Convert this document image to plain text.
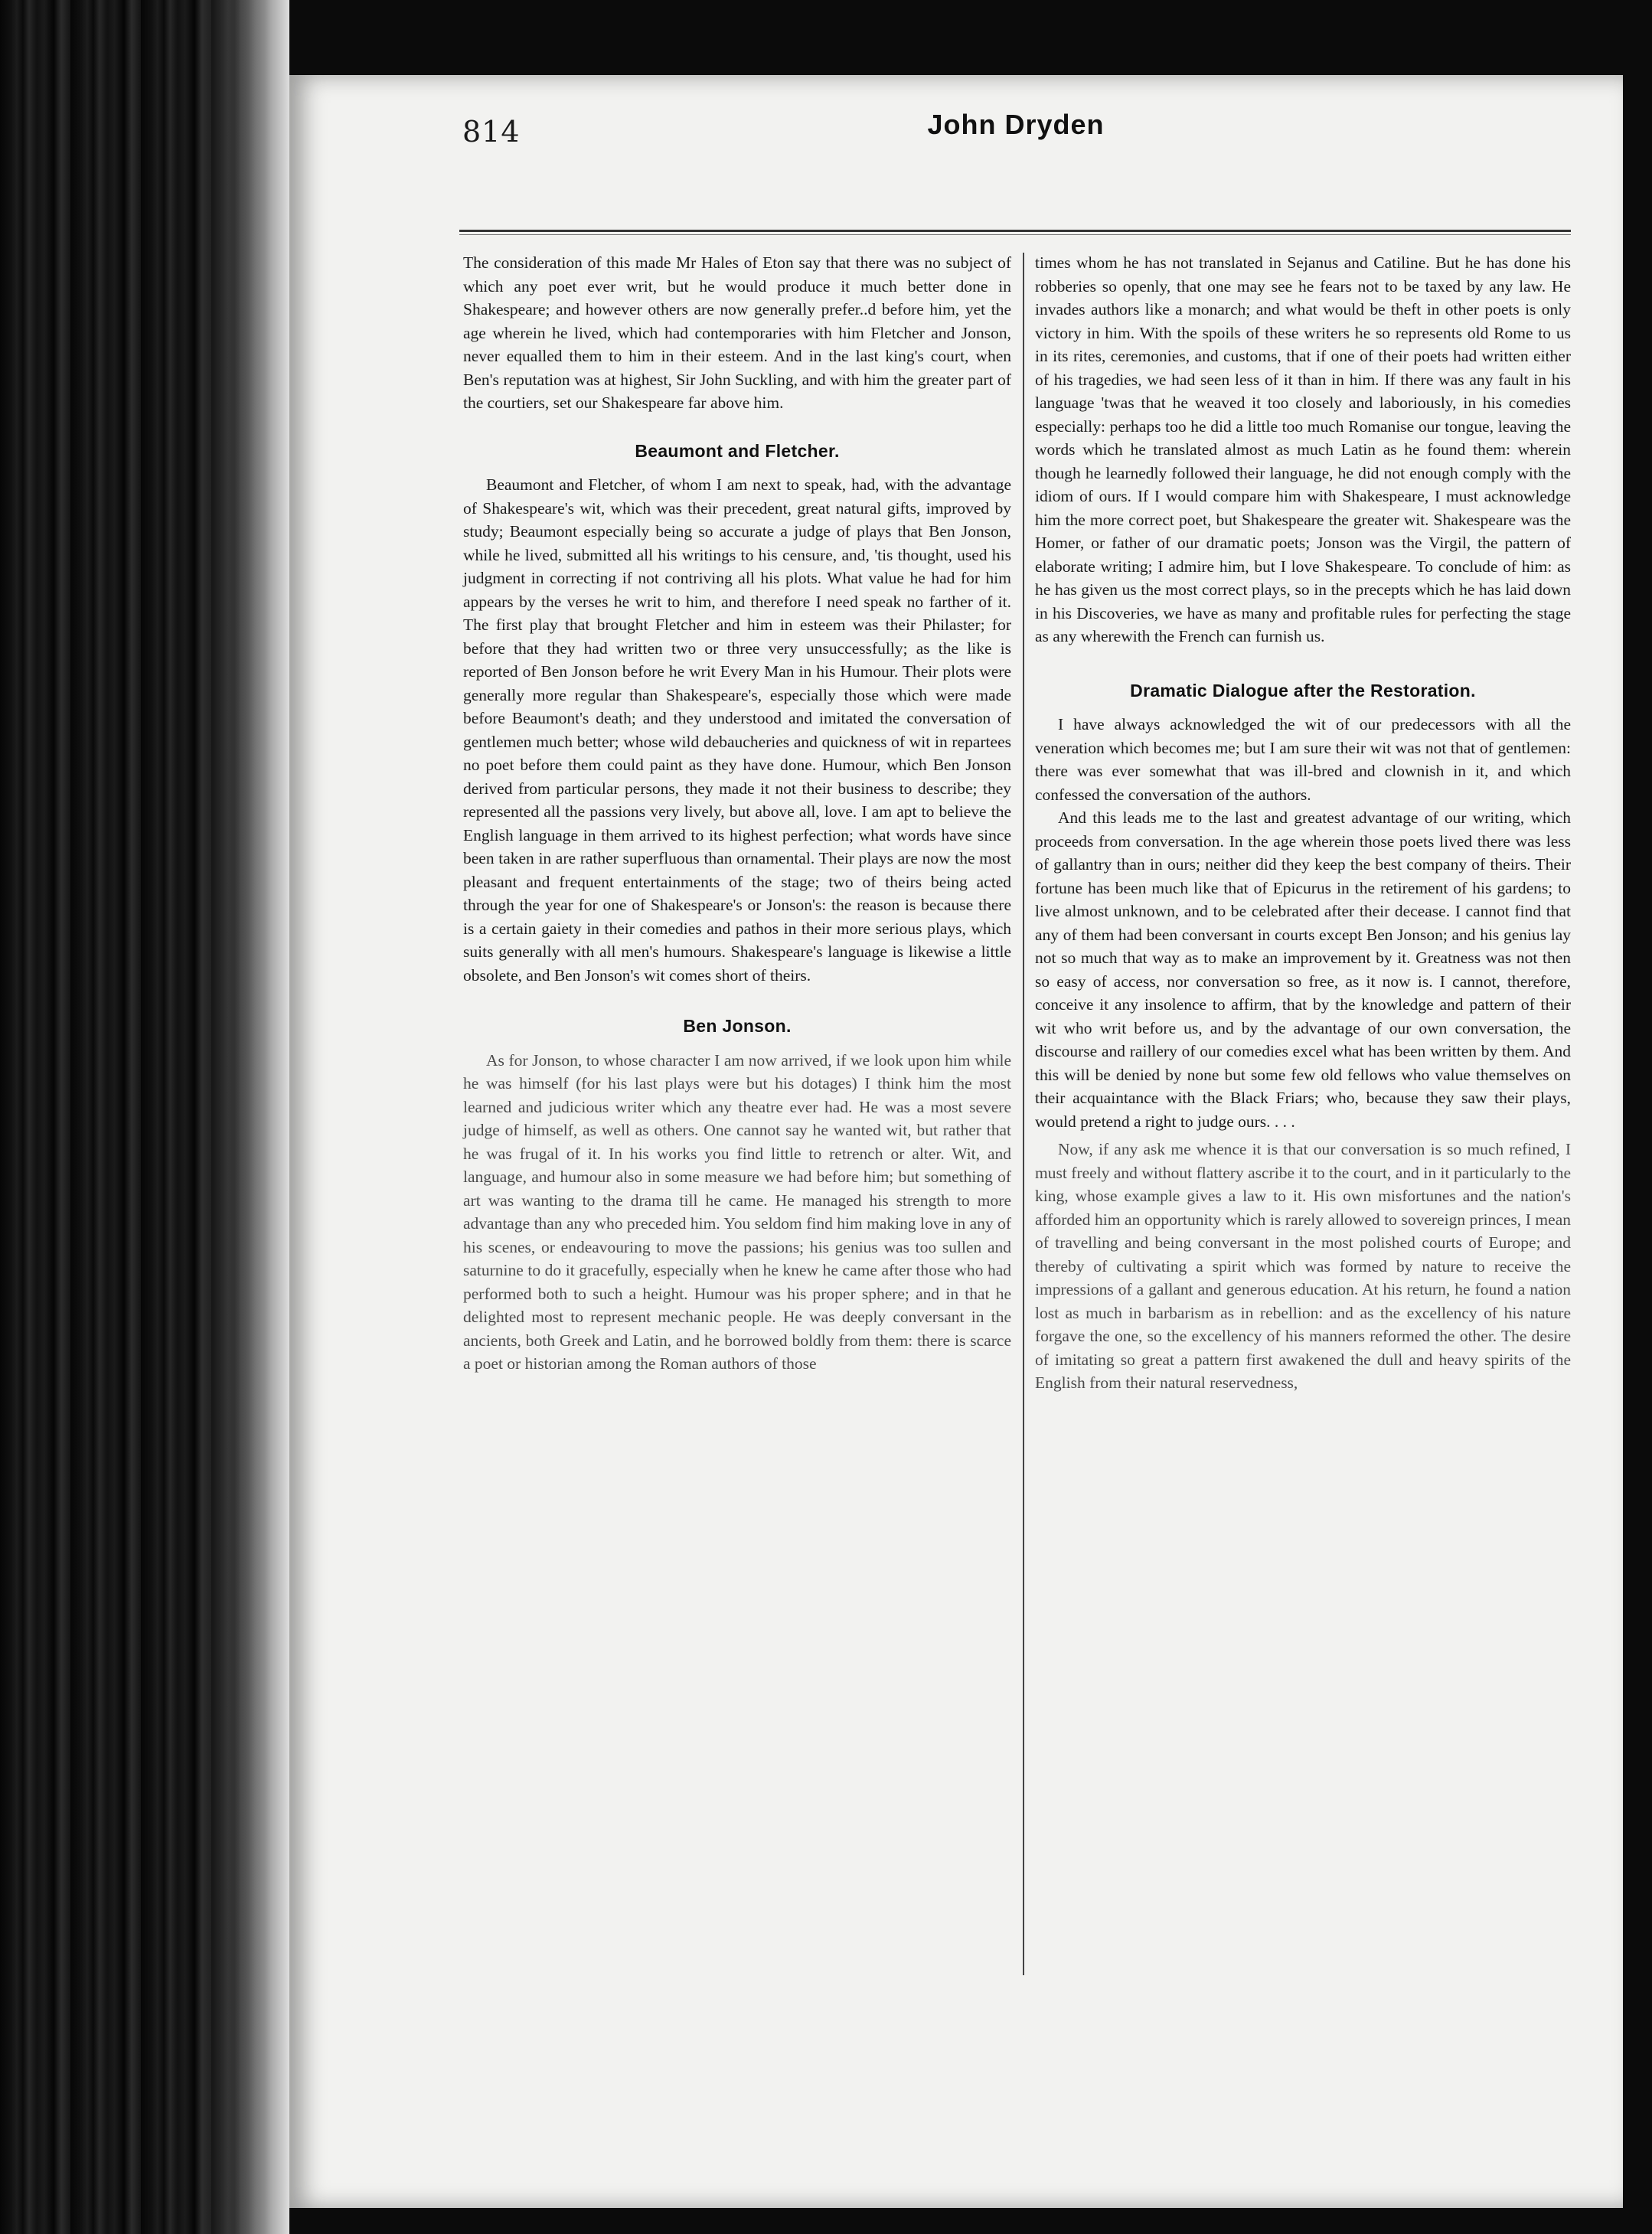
814	John Dryden

The consideration of this made Mr Hales of Eton say that there was no subject of which any poet ever writ, but he would produce it much better done in Shakespeare; and however others are now generally prefer..d before him, yet the age wherein he lived, which had contemporaries with him Fletcher and Jonson, never equalled them to him in their esteem. And in the last king's court, when Ben's reputation was at highest, Sir John Suckling, and with him the greater part of the courtiers, set our Shakespeare far above him.

Beaumont and Fletcher.

Beaumont and Fletcher, of whom I am next to speak, had, with the advantage of Shakespeare's wit, which was their precedent, great natural gifts, improved by study; Beaumont especially being so accurate a judge of plays that Ben Jonson, while he lived, submitted all his writings to his censure, and, 'tis thought, used his judgment in correcting if not contriving all his plots. What value he had for him appears by the verses he writ to him, and therefore I need speak no farther of it. The first play that brought Fletcher and him in esteem was their Philaster; for before that they had written two or three very unsuccessfully; as the like is reported of Ben Jonson before he writ Every Man in his Humour. Their plots were generally more regular than Shakespeare's, especially those which were made before Beaumont's death; and they understood and imitated the conversation of gentlemen much better; whose wild debaucheries and quickness of wit in repartees no poet before them could paint as they have done. Humour, which Ben Jonson derived from particular persons, they made it not their business to describe; they represented all the passions very lively, but above all, love. I am apt to believe the English language in them arrived to its highest perfection; what words have since been taken in are rather superfluous than ornamental. Their plays are now the most pleasant and frequent entertainments of the stage; two of theirs being acted through the year for one of Shakespeare's or Jonson's: the reason is because there is a certain gaiety in their comedies and pathos in their more serious plays, which suits generally with all men's humours. Shakespeare's language is likewise a little obsolete, and Ben Jonson's wit comes short of theirs.

Ben Jonson.

As for Jonson, to whose character I am now arrived, if we look upon him while he was himself (for his last plays were but his dotages) I think him the most learned and judicious writer which any theatre ever had. He was a most severe judge of himself, as well as others. One cannot say he wanted wit, but rather that he was frugal of it. In his works you find little to retrench or alter. Wit, and language, and humour also in some measure we had before him; but something of art was wanting to the drama till he came. He managed his strength to more advantage than any who preceded him. You seldom find him making love in any of his scenes, or endeavouring to move the passions; his genius was too sullen and saturnine to do it gracefully, especially when he knew he came after those who had performed both to such a height. Humour was his proper sphere; and in that he delighted most to represent mechanic people. He was deeply conversant in the ancients, both Greek and Latin, and he borrowed boldly from them: there is scarce a poet or historian among the Roman authors of those

times whom he has not translated in Sejanus and Catiline. But he has done his robberies so openly, that one may see he fears not to be taxed by any law. He invades authors like a monarch; and what would be theft in other poets is only victory in him. With the spoils of these writers he so represents old Rome to us in its rites, ceremonies, and customs, that if one of their poets had written either of his tragedies, we had seen less of it than in him. If there was any fault in his language 'twas that he weaved it too closely and laboriously, in his comedies especially: perhaps too he did a little too much Romanise our tongue, leaving the words which he translated almost as much Latin as he found them: wherein though he learnedly followed their language, he did not enough comply with the idiom of ours. If I would compare him with Shakespeare, I must acknowledge him the more correct poet, but Shakespeare the greater wit. Shakespeare was the Homer, or father of our dramatic poets; Jonson was the Virgil, the pattern of elaborate writing; I admire him, but I love Shakespeare. To conclude of him: as he has given us the most correct plays, so in the precepts which he has laid down in his Discoveries, we have as many and profitable rules for perfecting the stage as any wherewith the French can furnish us.

Dramatic Dialogue after the Restoration.

I have always acknowledged the wit of our predecessors with all the veneration which becomes me; but I am sure their wit was not that of gentlemen: there was ever somewhat that was ill-bred and clownish in it, and which confessed the conversation of the authors.

And this leads me to the last and greatest advantage of our writing, which proceeds from conversation. In the age wherein those poets lived there was less of gallantry than in ours; neither did they keep the best company of theirs. Their fortune has been much like that of Epicurus in the retirement of his gardens; to live almost unknown, and to be celebrated after their decease. I cannot find that any of them had been conversant in courts except Ben Jonson; and his genius lay not so much that way as to make an improvement by it. Greatness was not then so easy of access, nor conversation so free, as it now is. I cannot, therefore, conceive it any insolence to affirm, that by the knowledge and pattern of their wit who writ before us, and by the advantage of our own conversation, the discourse and raillery of our comedies excel what has been written by them. And this will be denied by none but some few old fellows who value themselves on their acquaintance with the Black Friars; who, because they saw their plays, would pretend a right to judge ours. . . .

Now, if any ask me whence it is that our conversation is so much refined, I must freely and without flattery ascribe it to the court, and in it particularly to the king, whose example gives a law to it. His own misfortunes and the nation's afforded him an opportunity which is rarely allowed to sovereign princes, I mean of travelling and being conversant in the most polished courts of Europe; and thereby of cultivating a spirit which was formed by nature to receive the impressions of a gallant and generous education. At his return, he found a nation lost as much in barbarism as in rebellion: and as the excellency of his nature forgave the one, so the excellency of his manners reformed the other. The desire of imitating so great a pattern first awakened the dull and heavy spirits of the English from their natural reservedness,
